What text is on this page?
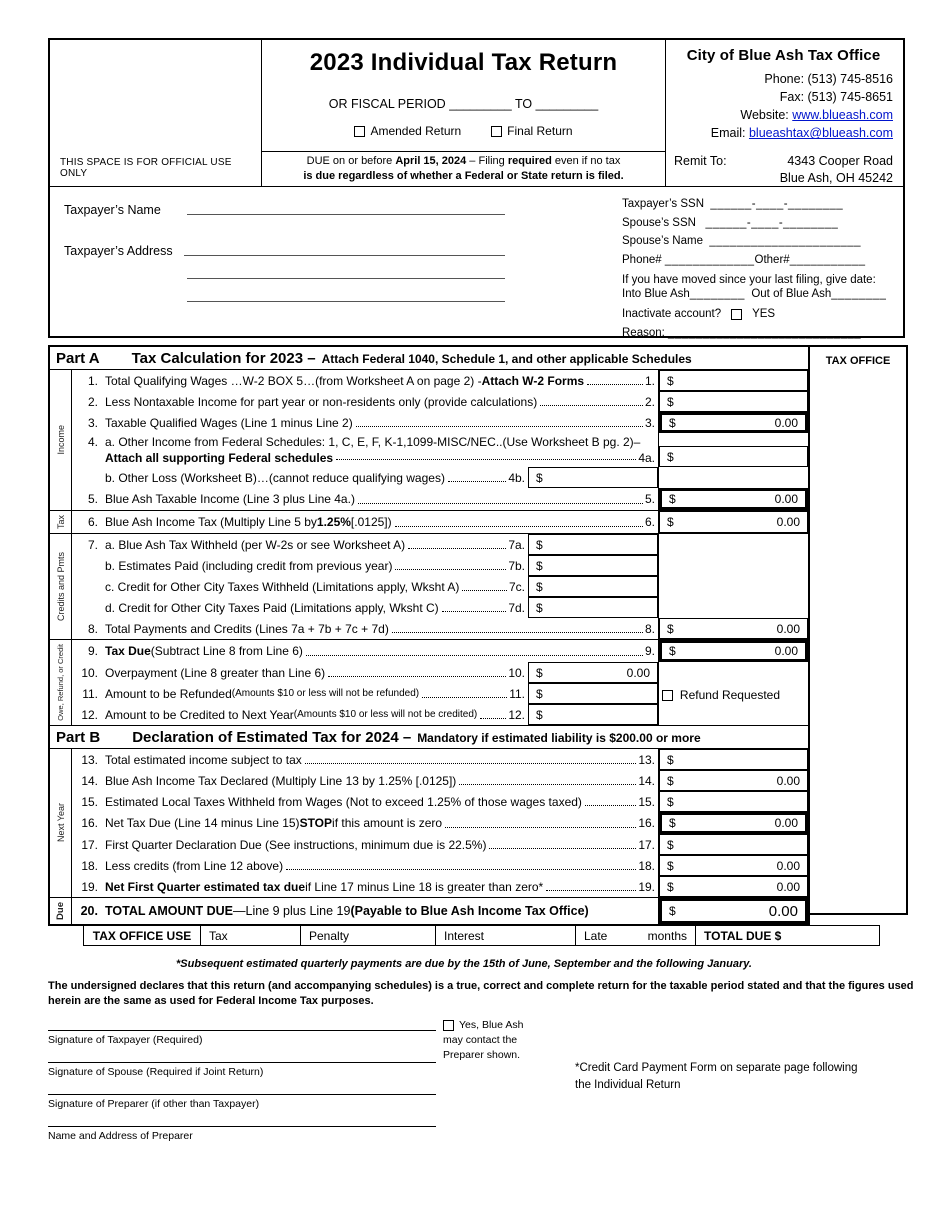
THIS SPACE IS FOR OFFICIAL USE ONLY
2023 Individual Tax Return
OR FISCAL PERIOD _________ TO _________
Amended Return	Final Return
DUE on or before April 15, 2024 – Filing required even if no tax
is due regardless of whether a Federal or State return is filed.
City of Blue Ash Tax Office
Phone: (513) 745-8516
Fax: (513) 745-8651
Website: www.blueash.com
Email: blueashtax@blueash.com
Remit To:	4343 Cooper Road
Blue Ash, OH 45242
Taxpayer’s Name
Taxpayer’s Address
Taxpayer’s SSN ______-____-________
Spouse’s SSN ______-____-________
Spouse’s Name ______________________
Phone# _____________Other#___________
If you have moved since your last filing, give date:
Into Blue Ash________ Out of Blue Ash________
Inactivate account?	YES
Reason: ____________________________
TAX OFFICE
Part A Tax Calculation for 2023 – Attach Federal 1040, Schedule 1, and other applicable Schedules
Income
1. Total Qualifying Wages …W-2 BOX 5…(from Worksheet A on page 2) - Attach W-2 Forms	1. $
2. Less Nontaxable Income for part year or non-residents only (provide calculations)	2. $
3. Taxable Qualified Wages (Line 1 minus Line 2)	3. $	0.00
4. a. Other Income from Federal Schedules: 1, C, E, F, K-1,1099-MISC/NEC..(Use Worksheet B pg. 2)–
Attach all supporting Federal schedules	4a. $
b. Other Loss (Worksheet B)…(cannot reduce qualifying wages)	4b. $
5. Blue Ash Taxable Income (Line 3 plus Line 4a.)	5. $	0.00
Tax	6. Blue Ash Income Tax (Multiply Line 5 by 1.25% [.0125])	6. $	0.00
Credits and Pmts
7. a. Blue Ash Tax Withheld (per W-2s or see Worksheet A)	7a. $
b. Estimates Paid (including credit from previous year)	7b. $
c. Credit for Other City Taxes Withheld (Limitations apply, Wksht A)	7c. $
d. Credit for Other City Taxes Paid (Limitations apply, Wksht C)	7d. $
8. Total Payments and Credits (Lines 7a + 7b + 7c + 7d)	8. $	0.00
Owe, Refund, or Credit	9. Tax Due (Subtract Line 8 from Line 6)	9. $	0.00
10. Overpayment (Line 8 greater than Line 6)	10. $	0.00
11. Amount to be Refunded (Amounts $10 or less will not be refunded)	11. $
12. Amount to be Credited to Next Year (Amounts $10 or less will not be credited)	12. $
Refund Requested
Part B Declaration of Estimated Tax for 2024 – Mandatory if estimated liability is $200.00 or more
Next Year
13. Total estimated income subject to tax	13. $
14. Blue Ash Income Tax Declared (Multiply Line 13 by 1.25% [.0125])	14. $	0.00
15. Estimated Local Taxes Withheld from Wages (Not to exceed 1.25% of those wages taxed)	15. $
16. Net Tax Due (Line 14 minus Line 15) STOP if this amount is zero	16. $	0.00
17. First Quarter Declaration Due (See instructions, minimum due is 22.5%)	17. $
18. Less credits (from Line 12 above)	18. $	0.00
19. Net First Quarter estimated tax due if Line 17 minus Line 18 is greater than zero*	19. $	0.00
Due	20. TOTAL AMOUNT DUE —Line 9 plus Line 19 (Payable to Blue Ash Income Tax Office)	$	0.00
TAX OFFICE USE	Tax	Penalty	Interest	Late	months	TOTAL DUE $
*Subsequent estimated quarterly payments are due by the 15th of June, September and the following January.
The undersigned declares that this return (and accompanying schedules) is a true, correct and complete return for the taxable period stated and that the figures used herein are the same as used for Federal Income Tax purposes.
Signature of Taxpayer (Required)
Signature of Spouse (Required if Joint Return)
Signature of Preparer (if other than Taxpayer)
Name and Address of Preparer
Yes, Blue Ash
may contact the
Preparer shown.
*Credit Card Payment Form on separate page following
the Individual Return
